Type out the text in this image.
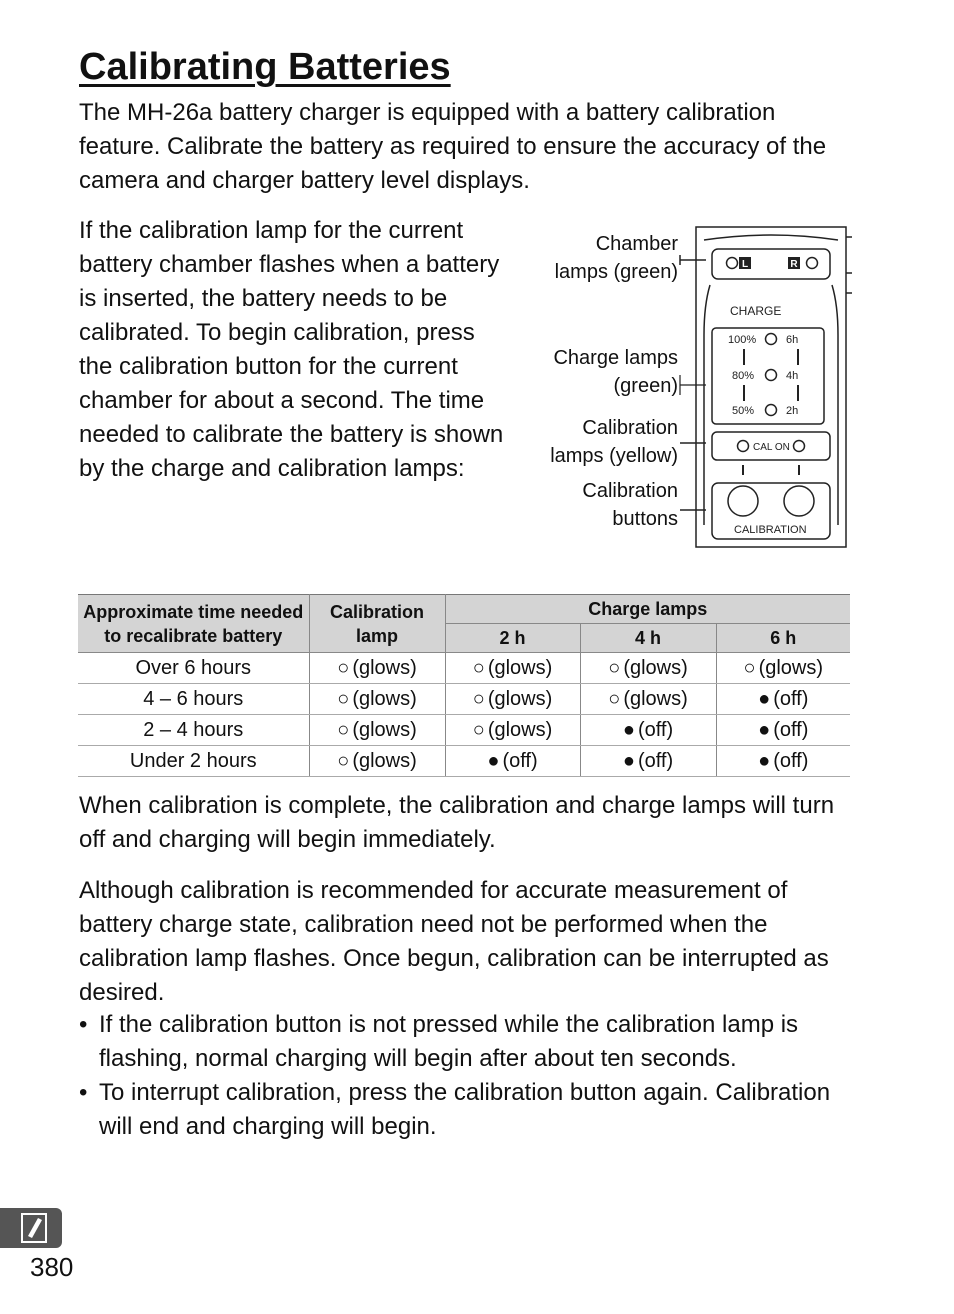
Calibrating Batteries

The MH-26a battery charger is equipped with a battery calibration feature. Calibrate the battery as required to ensure the accuracy of the camera and charger battery level displays.

If the calibration lamp for the current battery chamber flashes when a battery is inserted, the battery needs to be calibrated. To begin calibration, press the calibration button for the current chamber for about a second. The time needed to calibrate the battery is shown by the charge and calibration lamps:

Chamber
lamps (green)
Charge lamps
(green)
Calibration
lamps (yellow)
Calibration
buttons
L	R
CHARGE
100%
80%
50%
6h
4h
2h
CAL ON
CALIBRATION
Approximate time needed to recalibrate battery	Calibration lamp	Charge lamps		
		2 h	4 h	6 h
Over 6 hours	○ (glows)	○ (glows)	○ (glows)	○ (glows)
4 – 6 hours	○ (glows)	○ (glows)	○ (glows)	● (off)
2 – 4 hours	○ (glows)	○ (glows)	● (off)	● (off)
Under 2 hours	○ (glows)	● (off)	● (off)	● (off)

When calibration is complete, the calibration and charge lamps will turn off and charging will begin immediately.

Although calibration is recommended for accurate measurement of battery charge state, calibration need not be performed when the calibration lamp flashes. Once begun, calibration can be interrupted as desired.

• If the calibration button is not pressed while the calibration lamp is flashing, normal charging will begin after about ten seconds.
• To interrupt calibration, press the calibration button again. Calibration will end and charging will begin.
380
